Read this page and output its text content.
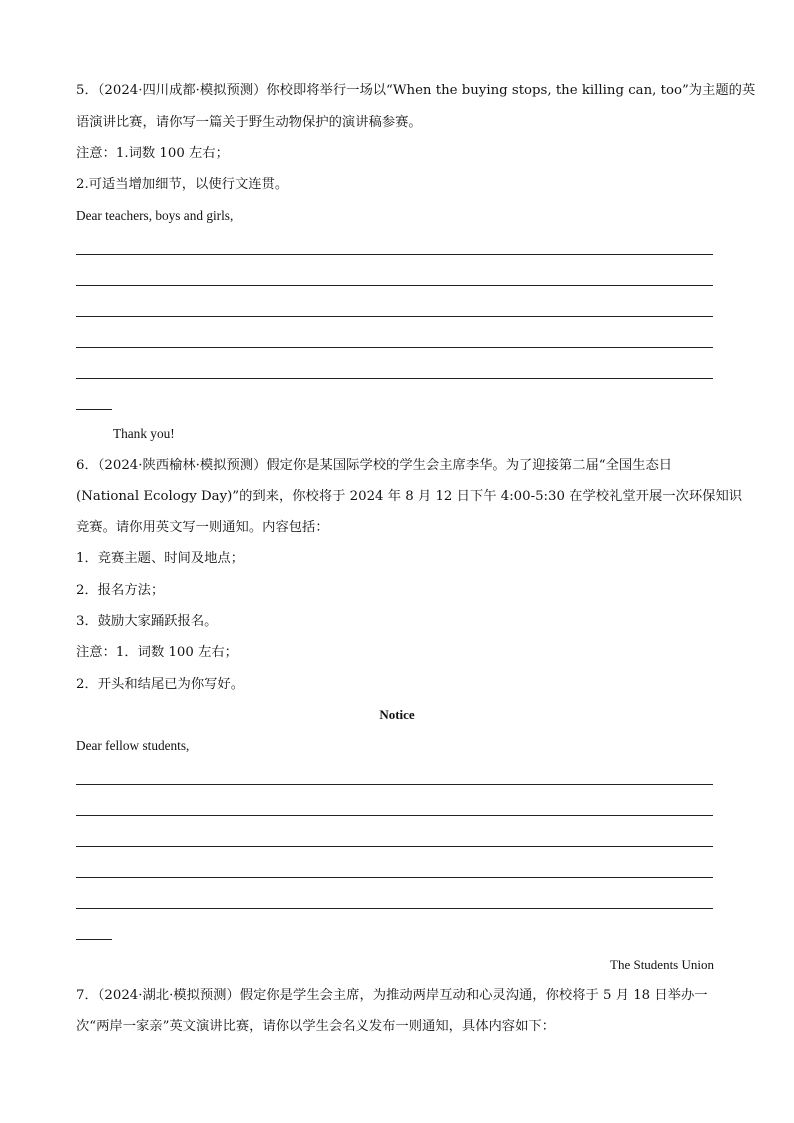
5．（2024·四川成都·模拟预测）你校即将举行一场以“When the buying stops, the killing can, too”为主题的英
语演讲比赛，请你写一篇关于野生动物保护的演讲稿参赛。
注意：1.词数 100 左右；
2.可适当增加细节，以使行文连贯。
Dear teachers, boys and girls,
Thank you!
6．（2024·陕西榆林·模拟预测）假定你是某国际学校的学生会主席李华。为了迎接第二届“全国生态日
(National Ecology Day)”的到来，你校将于 2024 年 8 月 12 日下午 4:00-5:30 在学校礼堂开展一次环保知识
竞赛。请你用英文写一则通知。内容包括：
1．竞赛主题、时间及地点；
2．报名方法；
3．鼓励大家踊跃报名。
注意：1．词数 100 左右；
2．开头和结尾已为你写好。
Notice
Dear fellow students,
The Students Union
7．（2024·湖北·模拟预测）假定你是学生会主席，为推动两岸互动和心灵沟通，你校将于 5 月 18 日举办一
次“两岸一家亲”英文演讲比赛，请你以学生会名义发布一则通知，具体内容如下：
